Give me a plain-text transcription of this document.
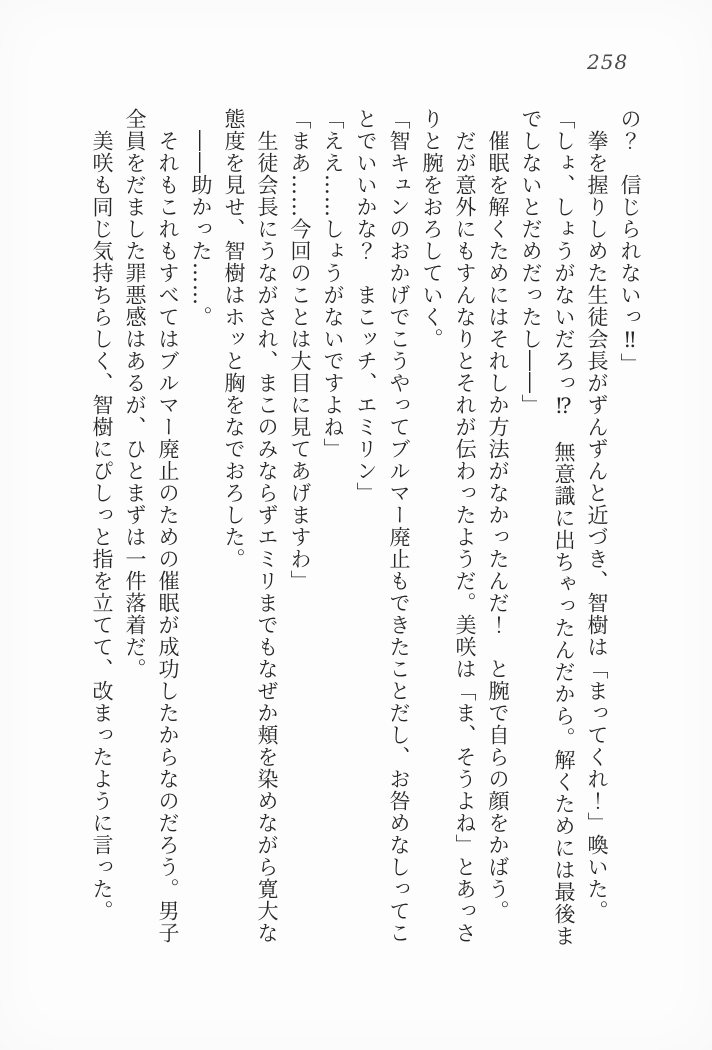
258
の？　信じられないっ‼」
　拳を握りしめた生徒会長がずんずんと近づき、智樹は「まってくれ！」喚いた。
「しょ、しょうがないだろっ⁉　無意識に出ちゃったんだから。解くためには最後ま
でしないとだめだったし――」
　催眠を解くためにはそれしか方法がなかったんだ！　と腕で自らの顔をかばう。
　だが意外にもすんなりとそれが伝わったようだ。美咲は「ま、そうよね」とあっさ
りと腕をおろしていく。
「智キュンのおかげでこうやってブルマー廃止もできたことだし、お咎めなしってこ
とでいいかな？　まこッチ、エミリン」
「ええ……しょうがないですよね」
「まあ……今回のことは大目に見てあげますわ」
　生徒会長にうながされ、まこのみならずエミリまでもなぜか頬を染めながら寛大な
態度を見せ、智樹はホッと胸をなでおろした。
　――助かった……。
　それもこれもすべてはブルマー廃止のための催眠が成功したからなのだろう。男子
全員をだました罪悪感はあるが、ひとまずは一件落着だ。
　美咲も同じ気持ちらしく、智樹にぴしっと指を立てて、改まったように言った。
